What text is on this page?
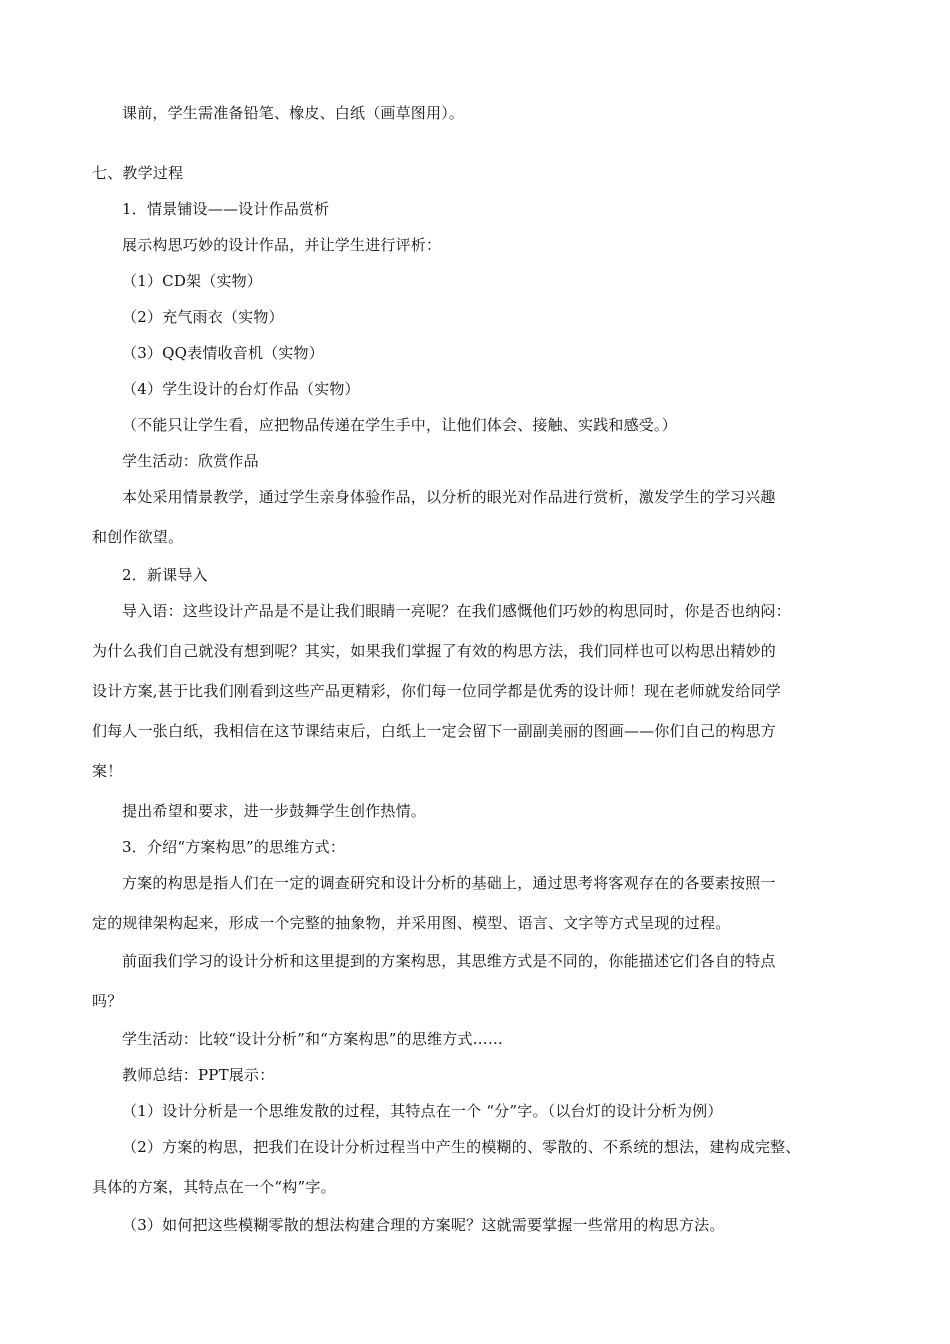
课前，学生需准备铅笔、橡皮、白纸（画草图用）。
七、教学过程
1．情景铺设——设计作品赏析
展示构思巧妙的设计作品，并让学生进行评析：
（1）CD架（实物）
（2）充气雨衣（实物）
（3）QQ表情收音机（实物）
（4）学生设计的台灯作品（实物）
（不能只让学生看，应把物品传递在学生手中，让他们体会、接触、实践和感受。）
学生活动：欣赏作品
本处采用情景教学，通过学生亲身体验作品，以分析的眼光对作品进行赏析，激发学生的学习兴趣
和创作欲望。
2．新课导入
导入语：这些设计产品是不是让我们眼睛一亮呢？在我们感慨他们巧妙的构思同时，你是否也纳闷：
为什么我们自己就没有想到呢？其实，如果我们掌握了有效的构思方法，我们同样也可以构思出精妙的
设计方案,甚于比我们刚看到这些产品更精彩，你们每一位同学都是优秀的设计师！现在老师就发给同学
们每人一张白纸，我相信在这节课结束后，白纸上一定会留下一副副美丽的图画——你们自己的构思方
案！
提出希望和要求，进一步鼓舞学生创作热情。
3．介绍“方案构思”的思维方式：
方案的构思是指人们在一定的调查研究和设计分析的基础上，通过思考将客观存在的各要素按照一
定的规律架构起来，形成一个完整的抽象物，并采用图、模型、语言、文字等方式呈现的过程。
前面我们学习的设计分析和这里提到的方案构思，其思维方式是不同的，你能描述它们各自的特点
吗？
学生活动：比较“设计分析”和“方案构思”的思维方式……
教师总结：PPT展示：
（1）设计分析是一个思维发散的过程，其特点在一个 “分”字。（以台灯的设计分析为例）
（2）方案的构思，把我们在设计分析过程当中产生的模糊的、零散的、不系统的想法，建构成完整、
具体的方案，其特点在一个“构”字。
（3）如何把这些模糊零散的想法构建合理的方案呢？这就需要掌握一些常用的构思方法。
